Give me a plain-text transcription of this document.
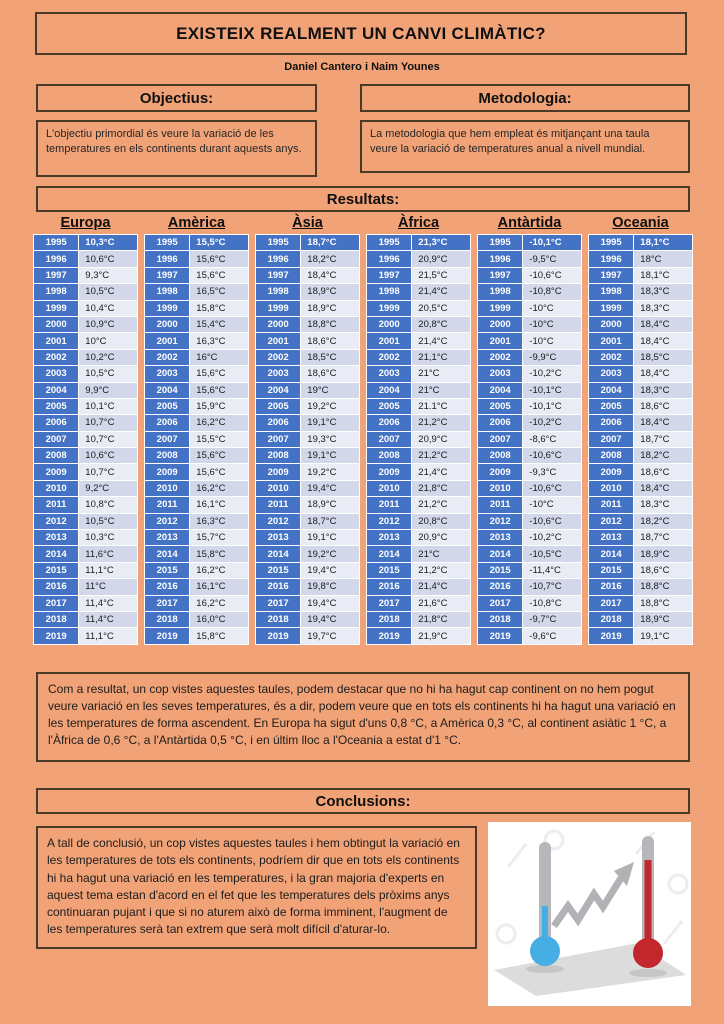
EXISTEIX REALMENT UN CANVI CLIMÀTIC?
Daniel Cantero i Naim Younes
Objectius:	Metodologia:
L'objectiu primordial és veure la variació de les temperatures en els continents durant aquests anys.
La metodologia que hem empleat és mitjançant una taula veure la variació de temperatures anual a nivell mundial.
Resultats:
Europa
1995	10,3°C
1996	10,6°C
1997	9,3°C
1998	10,5°C
1999	10,4°C
2000	10,9°C
2001	10°C
2002	10,2°C
2003	10,5°C
2004	9,9°C
2005	10,1°C
2006	10,7°C
2007	10,7°C
2008	10,6°C
2009	10,7°C
2010	9,2°C
2011	10,8°C
2012	10,5°C
2013	10,3°C
2014	11,6°C
2015	11,1°C
2016	11°C
2017	11,4°C
2018	11,4°C
2019	11,1°C
Amèrica
1995	15,5°C
1996	15,6°C
1997	15,6°C
1998	16,5°C
1999	15,8°C
2000	15,4°C
2001	16,3°C
2002	16°C
2003	15,6°C
2004	15,6°C
2005	15,9°C
2006	16,2°C
2007	15,5°C
2008	15,6°C
2009	15,6°C
2010	16,2°C
2011	16,1°C
2012	16,3°C
2013	15,7°C
2014	15,8°C
2015	16,2°C
2016	16,1°C
2017	16,2°C
2018	16,0°C
2019	15,8°C
Àsia
1995	18,7°C
1996	18,2°C
1997	18,4°C
1998	18,9°C
1999	18,9°C
2000	18,8°C
2001	18,6°C
2002	18,5°C
2003	18,6°C
2004	19°C
2005	19,2°C
2006	19,1°C
2007	19,3°C
2008	19,1°C
2009	19,2°C
2010	19,4°C
2011	18,9°C
2012	18,7°C
2013	19,1°C
2014	19,2°C
2015	19,4°C
2016	19,8°C
2017	19,4°C
2018	19,4°C
2019	19,7°C
Àfrica
1995	21,3°C
1996	20,9°C
1997	21,5°C
1998	21,4°C
1999	20,5°C
2000	20,8°C
2001	21,4°C
2002	21,1°C
2003	21°C
2004	21°C
2005	21.1°C
2006	21,2°C
2007	20,9°C
2008	21,2°C
2009	21,4°C
2010	21,8°C
2011	21,2°C
2012	20,8°C
2013	20,9°C
2014	21°C
2015	21,2°C
2016	21,4°C
2017	21,6°C
2018	21,8°C
2019	21,9°C
Antàrtida
1995	-10,1°C
1996	-9,5°C
1997	-10,6°C
1998	-10,8°C
1999	-10°C
2000	-10°C
2001	-10°C
2002	-9,9°C
2003	-10,2°C
2004	-10,1°C
2005	-10,1°C
2006	-10,2°C
2007	-8,6°C
2008	-10,6°C
2009	-9,3°C
2010	-10,6°C
2011	-10°C
2012	-10,6°C
2013	-10,2°C
2014	-10,5°C
2015	-11,4°C
2016	-10,7°C
2017	-10,8°C
2018	-9,7°C
2019	-9,6°C
Oceania
1995	18,1°C
1996	18°C
1997	18,1°C
1998	18,3°C
1999	18,3°C
2000	18,4°C
2001	18,4°C
2002	18,5°C
2003	18,4°C
2004	18,3°C
2005	18,6°C
2006	18,4°C
2007	18,7°C
2008	18,2°C
2009	18,6°C
2010	18,4°C
2011	18,3°C
2012	18,2°C
2013	18,7°C
2014	18,9°C
2015	18,6°C
2016	18,8°C
2017	18,8°C
2018	18,9°C
2019	19,1°C
Com a resultat, un cop vistes aquestes taules, podem destacar que no hi ha hagut cap continent on no hem pogut veure variació en les seves temperatures, és a dir, podem veure que en tots els continents hi ha hagut una variació en les temperatures de forma ascendent. En Europa ha sigut d'uns 0,8 °C, a Amèrica 0,3 °C, al continent asiàtic 1 °C, a l'Àfrica de 0,6 °C, a l'Antàrtida 0,5 °C, i en últim lloc a l'Oceania a estat d'1 °C.
Conclusions:
A tall de conclusió, un cop vistes aquestes taules i hem obtingut la variació en les temperatures de tots els continents, podríem dir que en tots els continents hi ha hagut una variació en les temperatures, i la gran majoria d'experts en aquest tema estan d'acord en el fet que les temperatures dels pròxims anys continuaran pujant i que si no aturem això de forma imminent, l'augment de les temperatures serà tan extrem que serà molt difícil d'aturar-lo.
